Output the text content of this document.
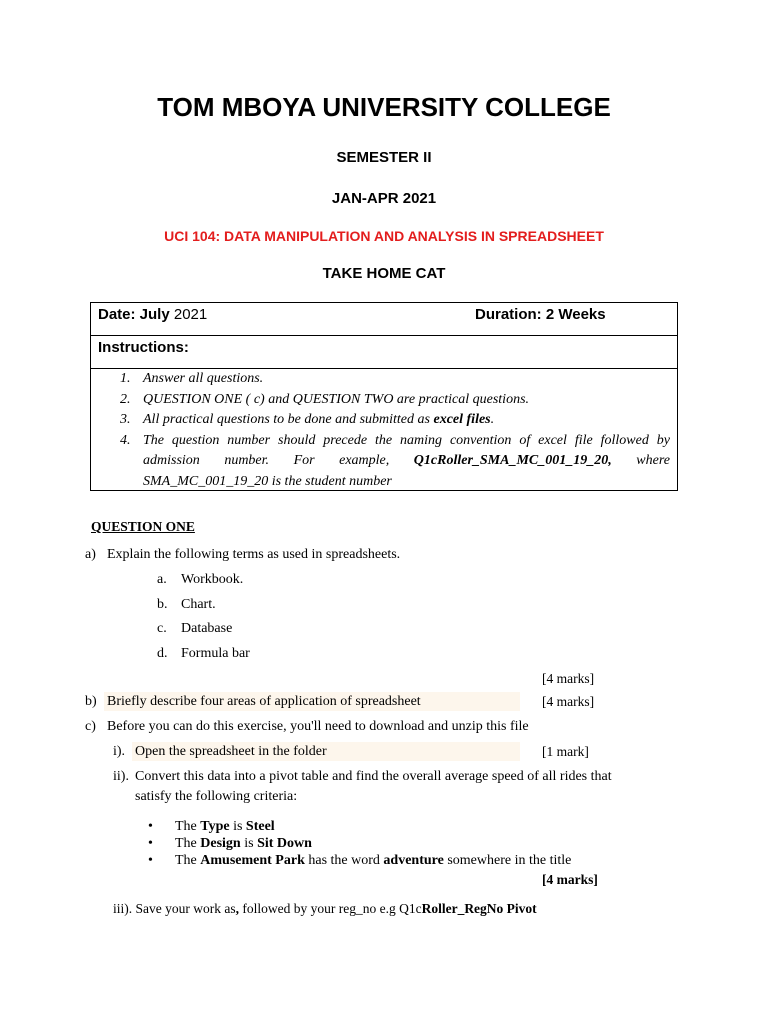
TOM MBOYA UNIVERSITY COLLEGE
SEMESTER II
JAN-APR 2021
UCI 104: DATA MANIPULATION AND ANALYSIS IN SPREADSHEET
TAKE HOME CAT
Date: July 2021	Duration: 2 Weeks
Instructions:
1. Answer all questions.
2. QUESTION ONE ( c) and QUESTION TWO are practical questions.
3. All practical questions to be done and submitted as excel files.
4. The question number should precede the naming convention of excel file followed by
admission number. For example, Q1cRoller_SMA_MC_001_19_20, where
SMA_MC_001_19_20 is the student number
QUESTION ONE
a) Explain the following terms as used in spreadsheets.
a. Workbook.
b. Chart.
c. Database
d. Formula bar
[4 marks]
b) Briefly describe four areas of application of spreadsheet	[4 marks]
c) Before you can do this exercise, you'll need to download and unzip this file
i). Open the spreadsheet in the folder	[1 mark]
ii). Convert this data into a pivot table and find the overall average speed of all rides that
satisfy the following criteria:
• The Type is Steel
• The Design is Sit Down
• The Amusement Park has the word adventure somewhere in the title
[4 marks]
iii). Save your work as, followed by your reg_no e.g Q1cRoller_RegNo Pivot
